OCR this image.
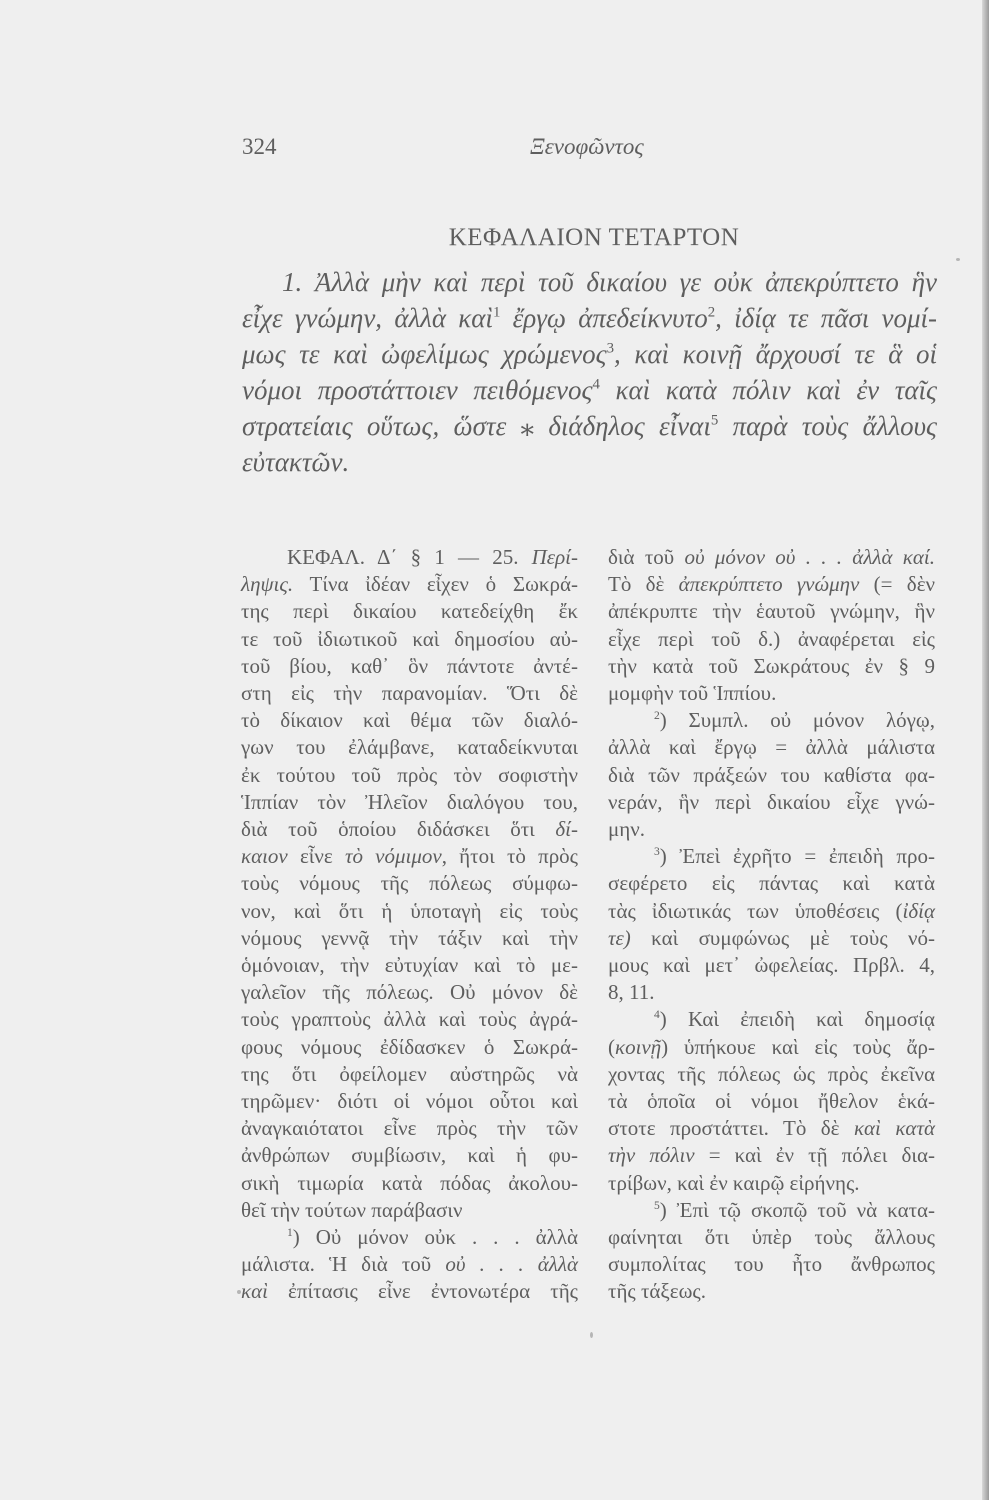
324	Ξενοφῶντος
ΚΕΦΑΛΑΙΟΝ ΤΕΤΑΡΤΟΝ
1. Ἀλλὰ μὴν καὶ περὶ τοῦ δικαίου γε οὐκ ἀπεκρύπτετο ἣν
εἶχε γνώμην, ἀλλὰ καὶ$^1$ ἔργῳ ἀπεδείκνυτο$^2$, ἰδίᾳ τε πᾶσι νομί-
μως τε καὶ ὠφελίμως χρώμενος$^3$, καὶ κοινῇ ἄρχουσί τε ἃ οἱ
νόμοι προστάττοιεν πειθόμενος$^4$ καὶ κατὰ πόλιν καὶ ἐν ταῖς
στρατείαις οὕτως, ὥστε ⁎ διάδηλος εἶναι$^5$ παρὰ τοὺς ἄλλους
εὐτακτῶν.
ΚΕΦΑΛ. Δ΄ § 1 — 25. Περί-
ληψις. Τίνα ἰδέαν εἶχεν ὁ Σωκρά-
της περὶ δικαίου κατεδείχθη ἔκ
τε τοῦ ἰδιωτικοῦ καὶ δημοσίου αὐ-
τοῦ βίου, καθ᾽ ὃν πάντοτε ἀντέ-
στη εἰς τὴν παρανομίαν. Ὅτι δὲ
τὸ δίκαιον καὶ θέμα τῶν διαλό-
γων του ἐλάμβανε, καταδείκνυται
ἐκ τούτου τοῦ πρὸς τὸν σοφιστὴν
Ἱππίαν τὸν Ἠλεῖον διαλόγου του,
διὰ τοῦ ὁποίου διδάσκει ὅτι δί-
καιον εἶνε τὸ νόμιμον, ἤτοι τὸ πρὸς
τοὺς νόμους τῆς πόλεως σύμφω-
νον, καὶ ὅτι ἡ ὑποταγὴ εἰς τοὺς
νόμους γεννᾷ τὴν τάξιν καὶ τὴν
ὁμόνοιαν, τὴν εὐτυχίαν καὶ τὸ με-
γαλεῖον τῆς πόλεως. Οὐ μόνον δὲ
τοὺς γραπτοὺς ἀλλὰ καὶ τοὺς ἀγρά-
φους νόμους ἐδίδασκεν ὁ Σωκρά-
της ὅτι ὀφείλομεν αὐστηρῶς νὰ
τηρῶμεν· διότι οἱ νόμοι οὗτοι καὶ
ἀναγκαιότατοι εἶνε πρὸς τὴν τῶν
ἀνθρώπων συμβίωσιν, καὶ ἡ φυ-
σικὴ τιμωρία κατὰ πόδας ἀκολου-
θεῖ τὴν τούτων παράβασιν
$^1$) Οὐ μόνον οὐκ . . . ἀλλὰ
μάλιστα. Ἡ διὰ τοῦ οὐ . . . ἀλλὰ
καὶ ἐπίτασις εἶνε ἐντονωτέρα τῆς
διὰ τοῦ οὐ μόνον οὐ . . . ἀλλὰ καί.
Τὸ δὲ ἀπεκρύπτετο γνώμην (= δὲν
ἀπέκρυπτε τὴν ἑαυτοῦ γνώμην, ἣν
εἶχε περὶ τοῦ δ.) ἀναφέρεται εἰς
τὴν κατὰ τοῦ Σωκράτους ἐν § 9
μομφὴν τοῦ Ἱππίου.
$^2$) Συμπλ. οὐ μόνον λόγῳ,
ἀλλὰ καὶ ἔργῳ = ἀλλὰ μάλιστα
διὰ τῶν πράξεών του καθίστα φα-
νεράν, ἣν περὶ δικαίου εἶχε γνώ-
μην.
$^3$) Ἐπεὶ ἐχρῆτο = ἐπειδὴ προ-
σεφέρετο εἰς πάντας καὶ κατὰ
τὰς ἰδιωτικάς των ὑποθέσεις (ἰδίᾳ
τε) καὶ συμφώνως μὲ τοὺς νό-
μους καὶ μετ᾽ ὠφελείας. Πρβλ. 4,
8, 11.
$^4$) Καὶ ἐπειδὴ καὶ δημοσίᾳ
(κοινῇ) ὑπήκουε καὶ εἰς τοὺς ἄρ-
χοντας τῆς πόλεως ὡς πρὸς ἐκεῖνα
τὰ ὁποῖα οἱ νόμοι ἤθελον ἑκά-
στοτε προστάττει. Τὸ δὲ καὶ κατὰ
τὴν πόλιν = καὶ ἐν τῇ πόλει δια-
τρίβων, καὶ ἐν καιρῷ εἰρήνης.
$^5$) Ἐπὶ τῷ σκοπῷ τοῦ νὰ κατα-
φαίνηται ὅτι ὑπὲρ τοὺς ἄλλους
συμπολίτας του ἦτο ἄνθρωπος
τῆς τάξεως.
